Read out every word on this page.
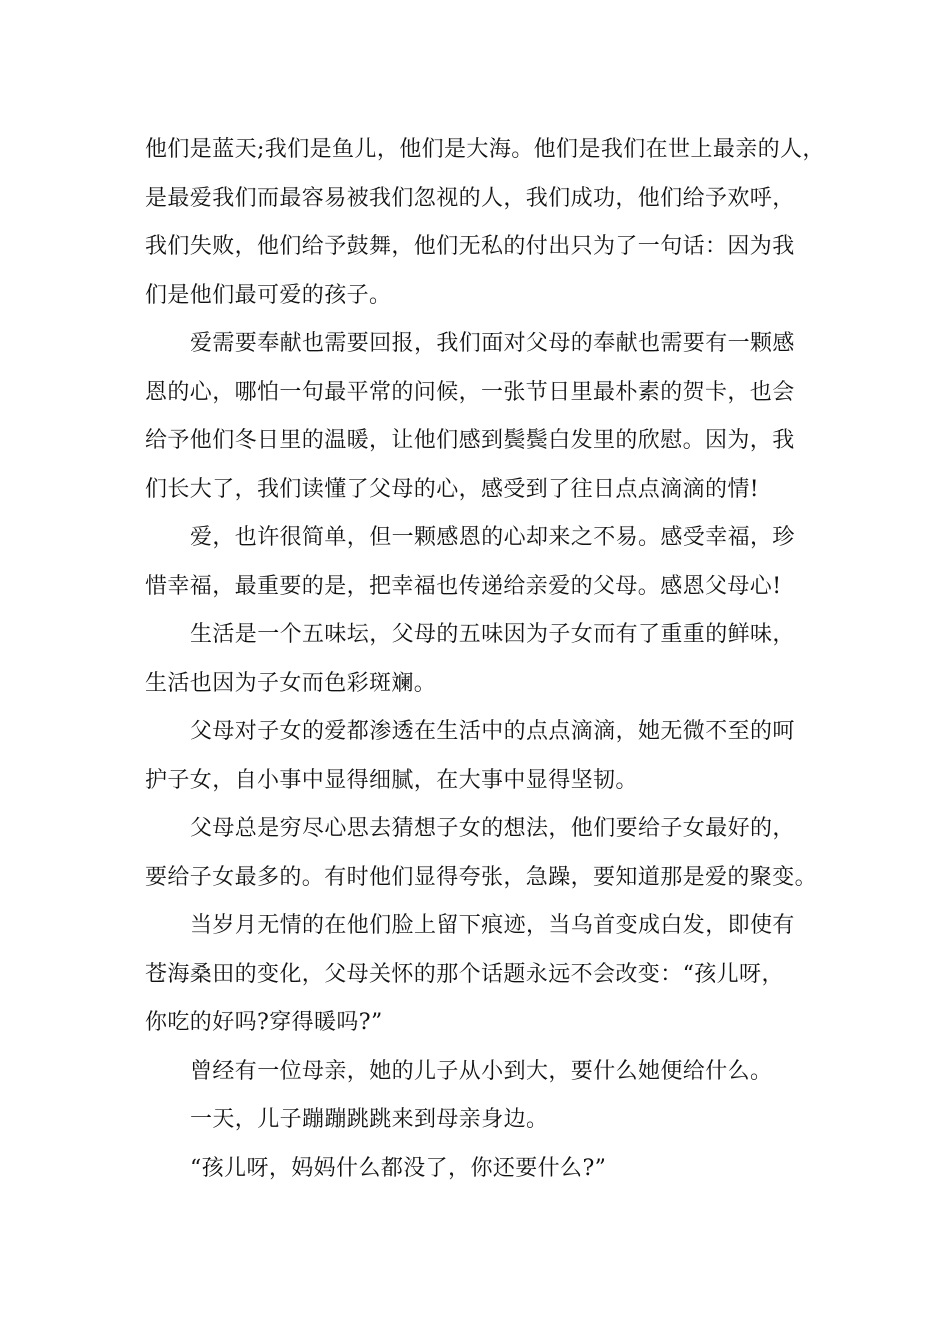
他们是蓝天;我们是鱼儿，他们是大海。他们是我们在世上最亲的人，
是最爱我们而最容易被我们忽视的人，我们成功，他们给予欢呼，
我们失败，他们给予鼓舞，他们无私的付出只为了一句话：因为我
们是他们最可爱的孩子。
爱需要奉献也需要回报，我们面对父母的奉献也需要有一颗感
恩的心，哪怕一句最平常的问候，一张节日里最朴素的贺卡，也会
给予他们冬日里的温暖，让他们感到鬓鬓白发里的欣慰。因为，我
们长大了，我们读懂了父母的心，感受到了往日点点滴滴的情!
爱，也许很简单，但一颗感恩的心却来之不易。感受幸福，珍
惜幸福，最重要的是，把幸福也传递给亲爱的父母。感恩父母心!
生活是一个五味坛，父母的五味因为子女而有了重重的鲜味，
生活也因为子女而色彩斑斓。
父母对子女的爱都渗透在生活中的点点滴滴，她无微不至的呵
护子女，自小事中显得细腻，在大事中显得坚韧。
父母总是穷尽心思去猜想子女的想法，他们要给子女最好的，
要给子女最多的。有时他们显得夸张，急躁，要知道那是爱的聚变。
当岁月无情的在他们脸上留下痕迹，当乌首变成白发，即使有
苍海桑田的变化，父母关怀的那个话题永远不会改变：“孩儿呀，
你吃的好吗?穿得暖吗?”
曾经有一位母亲，她的儿子从小到大，要什么她便给什么。
一天，儿子蹦蹦跳跳来到母亲身边。
“孩儿呀，妈妈什么都没了，你还要什么?”
